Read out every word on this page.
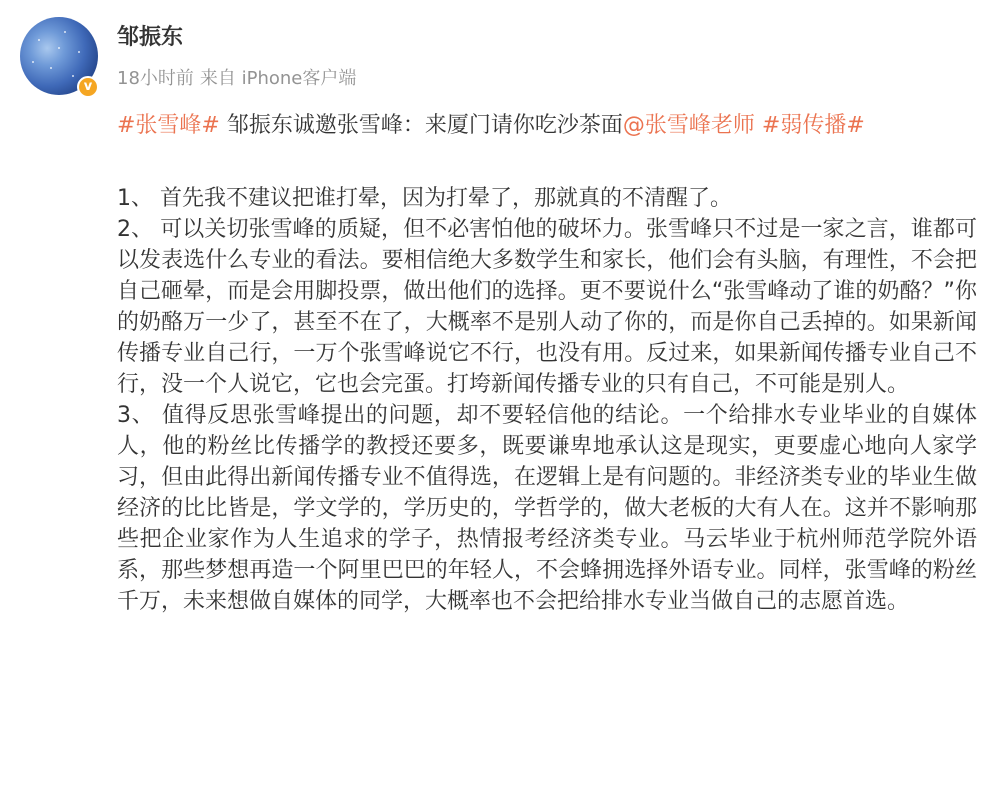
v
邹振东
18小时前 来自 iPhone客户端
#张雪峰# 邹振东诚邀张雪峰：来厦门请你吃沙茶面@张雪峰老师 #弱传播#

1、 首先我不建议把谁打晕，因为打晕了，那就真的不清醒了。

2、 可以关切张雪峰的质疑，但不必害怕他的破坏力。张雪峰只不过是一家之言，谁都可以发表选什么专业的看法。要相信绝大多数学生和家长，他们会有头脑，有理性，不会把自己砸晕，而是会用脚投票，做出他们的选择。更不要说什么“张雪峰动了谁的奶酪？”你的奶酪万一少了，甚至不在了，大概率不是别人动了你的，而是你自己丢掉的。如果新闻传播专业自己行，一万个张雪峰说它不行，也没有用。反过来，如果新闻传播专业自己不行，没一个人说它，它也会完蛋。打垮新闻传播专业的只有自己，不可能是别人。

3、 值得反思张雪峰提出的问题，却不要轻信他的结论。一个给排水专业毕业的自媒体人，他的粉丝比传播学的教授还要多，既要谦卑地承认这是现实，更要虚心地向人家学习，但由此得出新闻传播专业不值得选，在逻辑上是有问题的。非经济类专业的毕业生做经济的比比皆是，学文学的，学历史的，学哲学的，做大老板的大有人在。这并不影响那些把企业家作为人生追求的学子，热情报考经济类专业。马云毕业于杭州师范学院外语系，那些梦想再造一个阿里巴巴的年轻人，不会蜂拥选择外语专业。同样，张雪峰的粉丝千万，未来想做自媒体的同学，大概率也不会把给排水专业当做自己的志愿首选。
